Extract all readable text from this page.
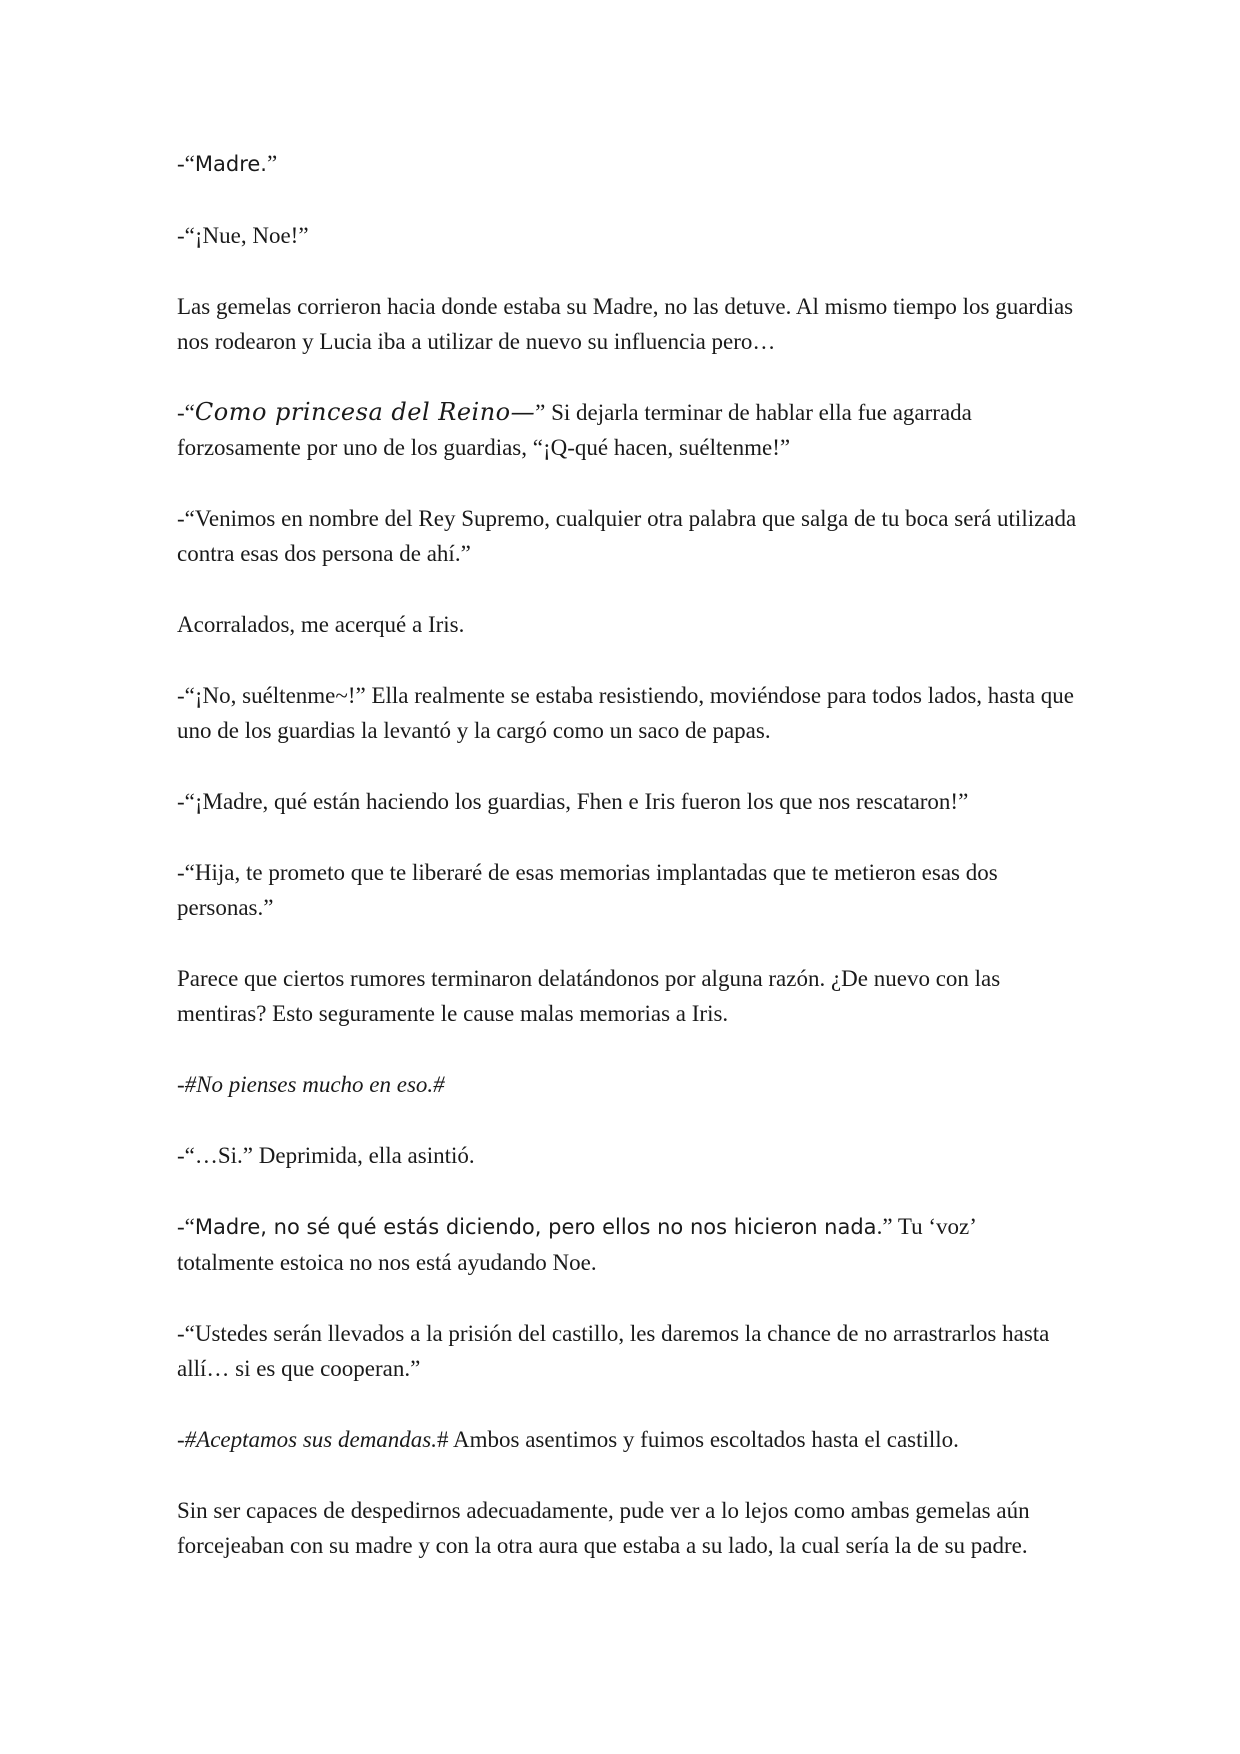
-“Madre.”

-“¡Nue, Noe!”

Las gemelas corrieron hacia donde estaba su Madre, no las detuve. Al mismo tiempo los guardias nos rodearon y Lucia iba a utilizar de nuevo su influencia pero…

-“Como princesa del Reino—” Si dejarla terminar de hablar ella fue agarrada forzosamente por uno de los guardias, “¡Q-qué hacen, suéltenme!”

-“Venimos en nombre del Rey Supremo, cualquier otra palabra que salga de tu boca será utilizada contra esas dos persona de ahí.”

Acorralados, me acerqué a Iris.

-“¡No, suéltenme~!” Ella realmente se estaba resistiendo, moviéndose para todos lados, hasta que uno de los guardias la levantó y la cargó como un saco de papas.

-“¡Madre, qué están haciendo los guardias, Fhen e Iris fueron los que nos rescataron!”

-“Hija, te prometo que te liberaré de esas memorias implantadas que te metieron esas dos personas.”

Parece que ciertos rumores terminaron delatándonos por alguna razón. ¿De nuevo con las mentiras? Esto seguramente le cause malas memorias a Iris.

-#No pienses mucho en eso.#

-“…Si.” Deprimida, ella asintió.

-“Madre, no sé qué estás diciendo, pero ellos no nos hicieron nada.” Tu ‘voz’ totalmente estoica no nos está ayudando Noe.

-“Ustedes serán llevados a la prisión del castillo, les daremos la chance de no arrastrarlos hasta allí… si es que cooperan.”

-#Aceptamos sus demandas.# Ambos asentimos y fuimos escoltados hasta el castillo.

Sin ser capaces de despedirnos adecuadamente, pude ver a lo lejos como ambas gemelas aún forcejeaban con su madre y con la otra aura que estaba a su lado, la cual sería la de su padre.
